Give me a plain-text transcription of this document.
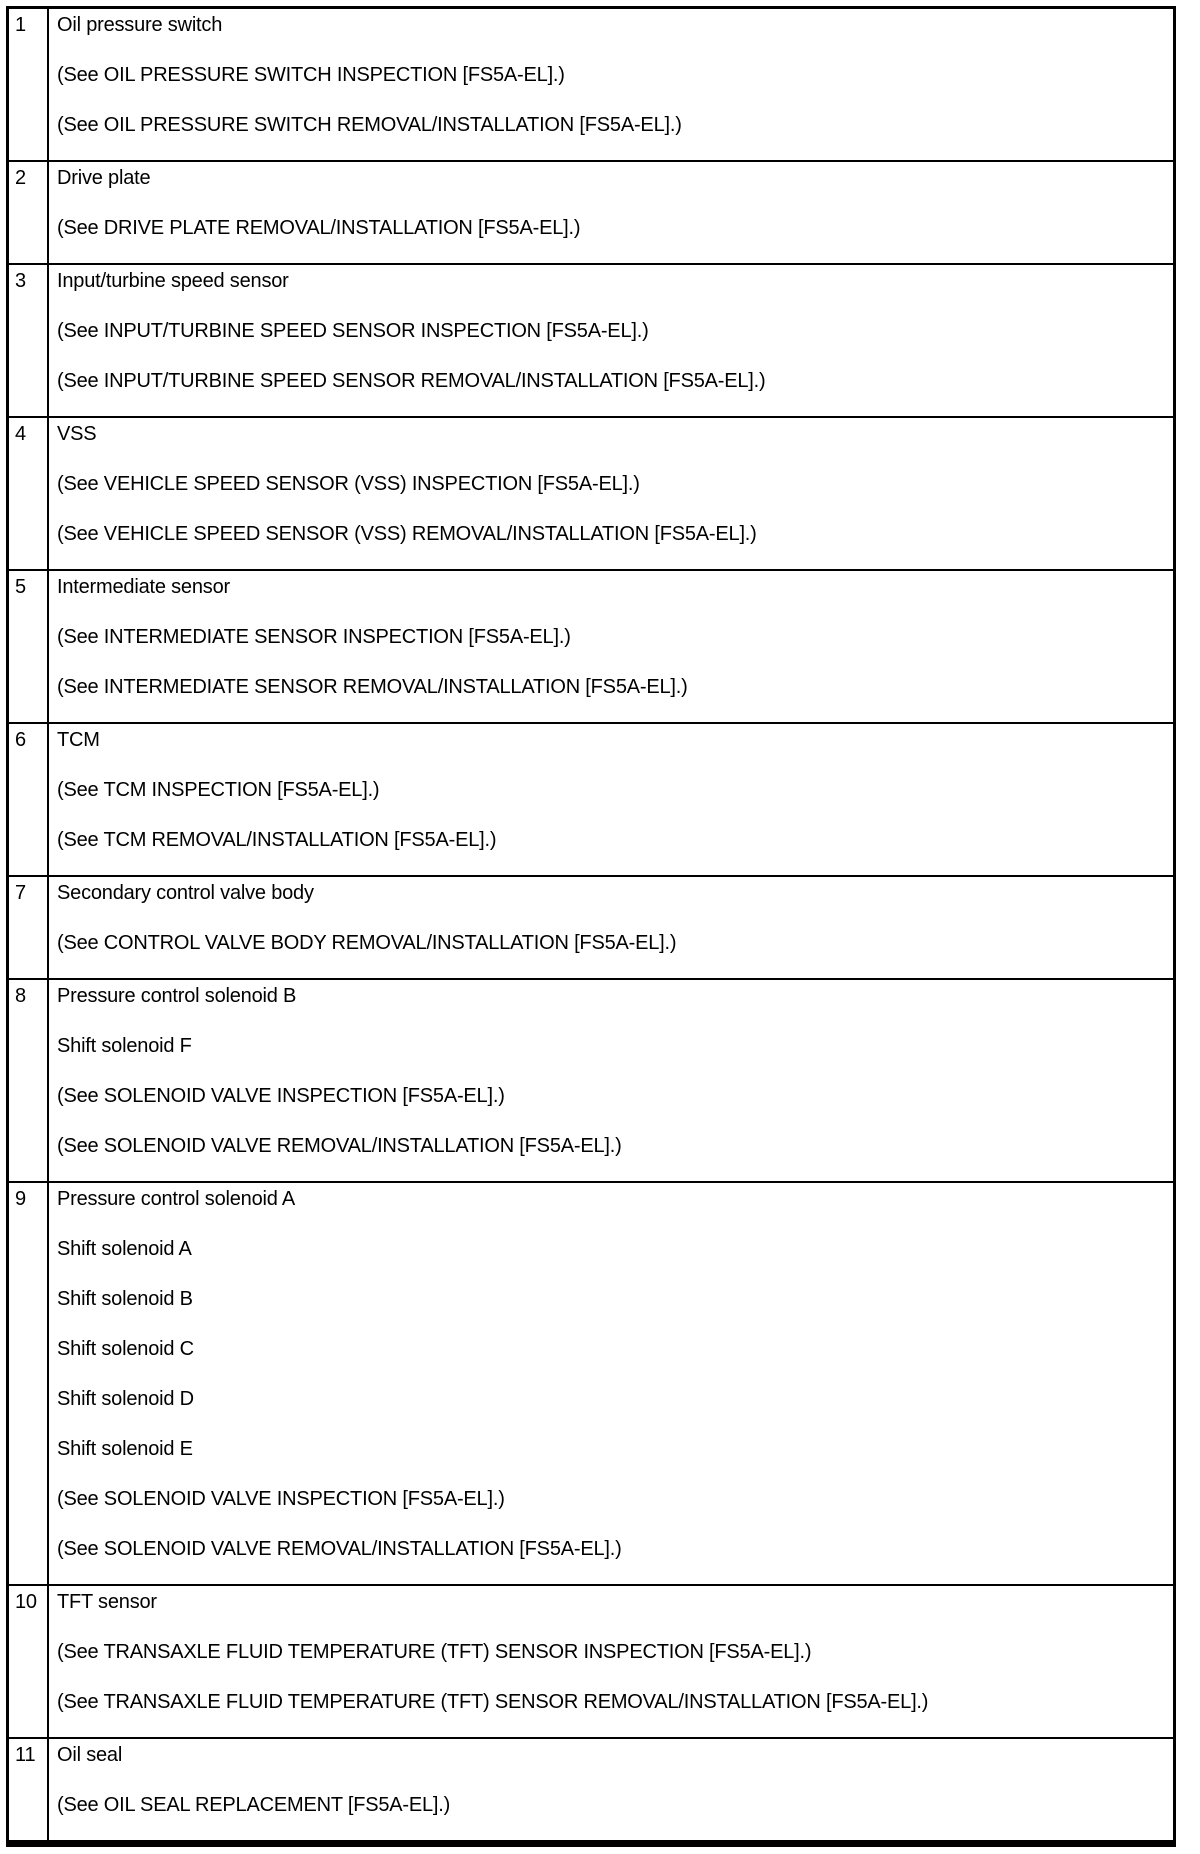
1	Oil pressure switch

(See OIL PRESSURE SWITCH INSPECTION [FS5A-EL].)

(See OIL PRESSURE SWITCH REMOVAL/INSTALLATION [FS5A-EL].)

2	Drive plate

(See DRIVE PLATE REMOVAL/INSTALLATION [FS5A-EL].)

3	Input/turbine speed sensor

(See INPUT/TURBINE SPEED SENSOR INSPECTION [FS5A-EL].)

(See INPUT/TURBINE SPEED SENSOR REMOVAL/INSTALLATION [FS5A-EL].)

4	VSS

(See VEHICLE SPEED SENSOR (VSS) INSPECTION [FS5A-EL].)

(See VEHICLE SPEED SENSOR (VSS) REMOVAL/INSTALLATION [FS5A-EL].)

5	Intermediate sensor

(See INTERMEDIATE SENSOR INSPECTION [FS5A-EL].)

(See INTERMEDIATE SENSOR REMOVAL/INSTALLATION [FS5A-EL].)

6	TCM

(See TCM INSPECTION [FS5A-EL].)

(See TCM REMOVAL/INSTALLATION [FS5A-EL].)

7	Secondary control valve body

(See CONTROL VALVE BODY REMOVAL/INSTALLATION [FS5A-EL].)

8	Pressure control solenoid B

Shift solenoid F

(See SOLENOID VALVE INSPECTION [FS5A-EL].)

(See SOLENOID VALVE REMOVAL/INSTALLATION [FS5A-EL].)

9	Pressure control solenoid A

Shift solenoid A

Shift solenoid B

Shift solenoid C

Shift solenoid D

Shift solenoid E

(See SOLENOID VALVE INSPECTION [FS5A-EL].)

(See SOLENOID VALVE REMOVAL/INSTALLATION [FS5A-EL].)

10	TFT sensor

(See TRANSAXLE FLUID TEMPERATURE (TFT) SENSOR INSPECTION [FS5A-EL].)

(See TRANSAXLE FLUID TEMPERATURE (TFT) SENSOR REMOVAL/INSTALLATION [FS5A-EL].)

11	Oil seal

(See OIL SEAL REPLACEMENT [FS5A-EL].)
